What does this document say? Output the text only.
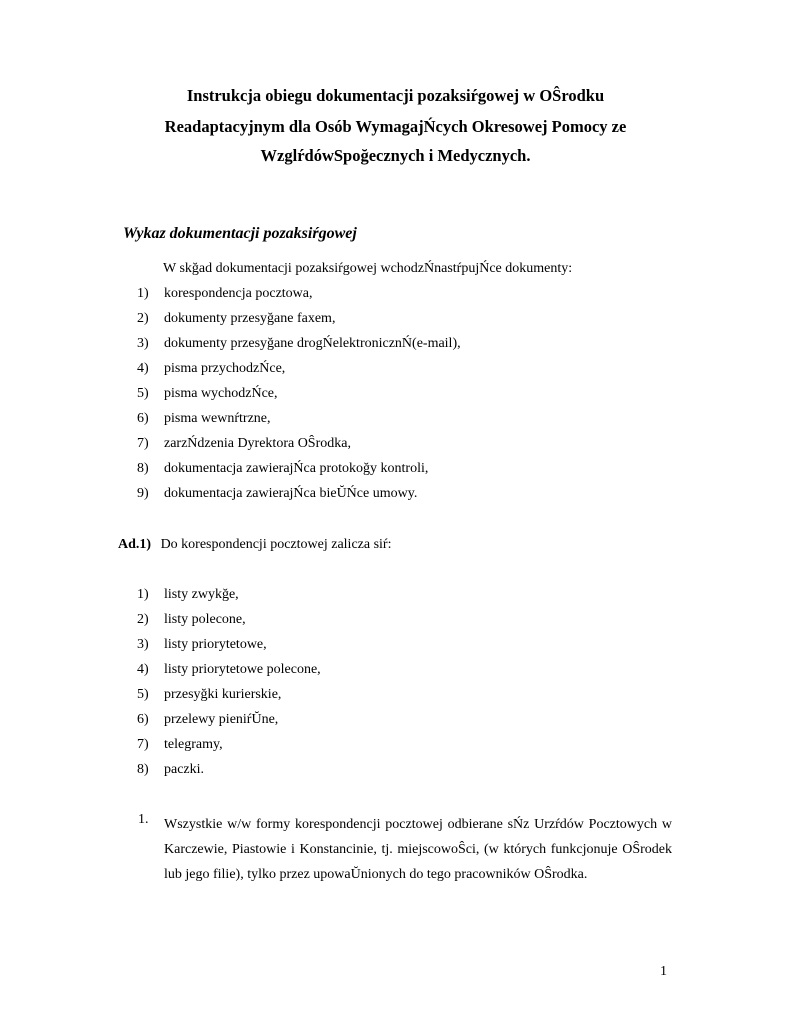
Instrukcja obiegu dokumentacji pozaksiŕgowej w OŜrodku
Readaptacyjnym dla Osób WymagajŃcych Okresowej Pomocy ze
WzglŕdówSpoğecznych i Medycznych.
Wykaz dokumentacji pozaksiŕgowej
W skğad dokumentacji pozaksiŕgowej wchodzŃnastŕpujŃce dokumenty:
1)	korespondencja pocztowa,
2)	dokumenty przesyğane faxem,
3)	dokumenty przesyğane drogŃelektronicznŃ(e-mail),
4)	pisma przychodzŃce,
5)	pisma wychodzŃce,
6)	pisma wewnŕtrzne,
7)	zarzŃdzenia Dyrektora OŜrodka,
8)	dokumentacja zawierajŃca protokoğy kontroli,
9)	dokumentacja zawierajŃca bieŬŃce umowy.
Ad.1) Do korespondencji pocztowej zalicza siŕ:
1)	listy zwykğe,
2)	listy polecone,
3)	listy priorytetowe,
4)	listy priorytetowe polecone,
5)	przesyğki kurierskie,
6)	przelewy pieniŕŬne,
7)	telegramy,
8)	paczki.
1. Wszystkie w/w formy korespondencji pocztowej odbierane sŃz Urzŕdów Pocztowych w Karczewie, Piastowie i Konstancinie, tj. miejscowoŜci, (w których funkcjonuje OŜrodek lub jego filie), tylko przez upowaŬnionych do tego pracowników OŜrodka.
1
